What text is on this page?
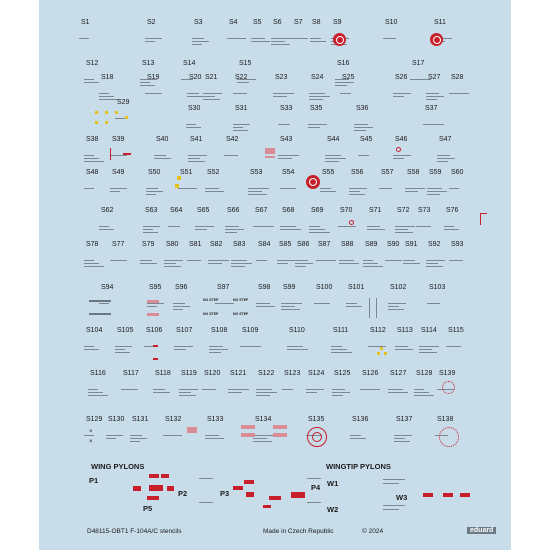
S1	S2	S3	S4 S5 S6 S7 S8 S9	S10	S11
S12	S13	S14	S15	S16	S17
S18	S19	S20 S21	S22	S23	S24	S25	S26	S27 S28
S29
S30	S31	S33	S35	S36	S37
S38 S39	S40	S41	S42	S43	S44	S45	S46	S47
S48 S49	S50	S51 S52	S53	S54	S55 S56	S57 S58 S59 S60
S62	S63 S64 S65	S66 S67 S68 S69 S70 S71 S72 S73 S76
S78 S77	S79 S80 S81 S82 S83 S84 S85 S86 S87 S88 S89 S90 S91 S92 S93
S94	S95 S96	S97	S98 S99	S100 S101	S102	S103
S104 S105 S106 S107	S108 S109	S110	S111	S112 S113 S114 S115
S116 S117 S118 S119 S120 S121 S122 S123 S124 S125 S126 S127 S128 S139
S129 S130 S131 S132	S133	S134	S135	S136	S137	S138
P1
P2	P3
P5
P4 W1
W2
W3
WING PYLONS	WINGTIP PYLONS
NO STEP	NO STEP
NO STEP	NO STEP
×
×
D48115-OBT1 F-104A/C stencils	Made in Czech Republic	© 2024	eduard
